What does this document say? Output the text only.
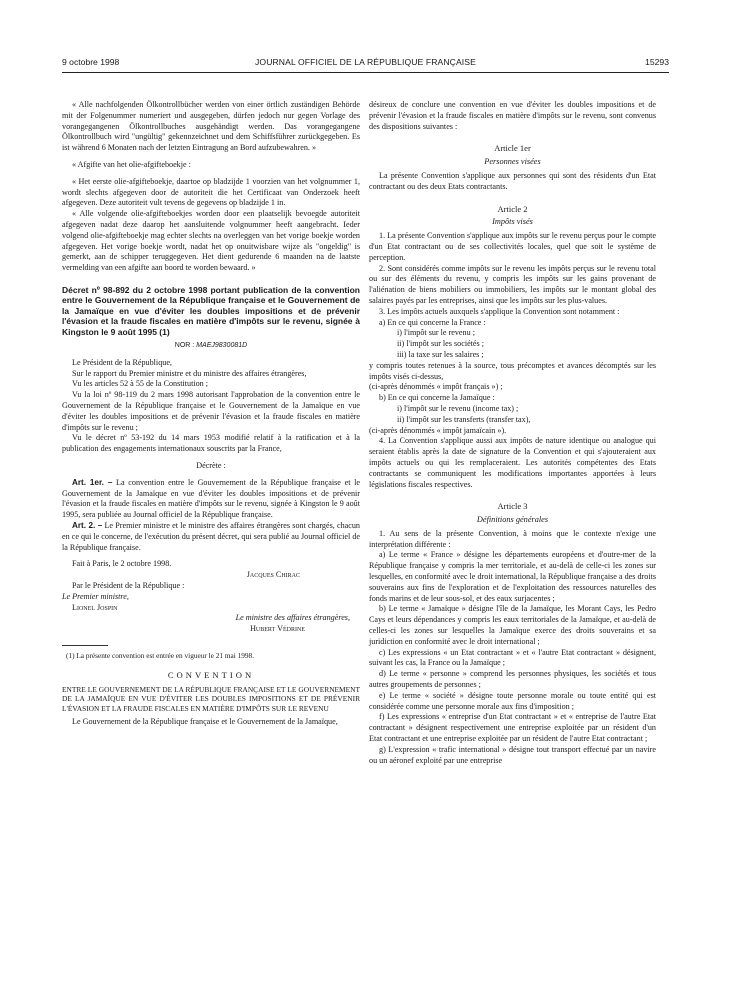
9 octobre 1998	JOURNAL OFFICIEL DE LA RÉPUBLIQUE FRANÇAISE	15293

« Alle nachfolgenden Ölkontrollbücher werden von einer örtlich zuständigen Behörde mit der Folgenummer numeriert und ausgegeben, dürfen jedoch nur gegen Vorlage des vorangegangenen Ölkontrollbuches ausgehändigt werden. Das vorangegangene Ölkontrollbuch wird "ungültig" gekennzeichnet und dem Schiffsführer zurückgegeben. Es ist während 6 Monaten nach der letzten Eintragung an Bord aufzubewahren. »

« Afgifte van het olie-afgifteboekje :

« Het eerste olie-afgifteboekje, daartoe op bladzijde 1 voorzien van het volgnummer 1, wordt slechts afgegeven door de autoriteit die het Certificaat van Onderzoek heeft afgegeven. Deze autoriteit vult tevens de gegevens op bladzijde 1 in.

« Alle volgende olie-afgifteboekjes worden door een plaatselijk bevoegde autoriteit afgegeven nadat deze daarop het aansluitende volgnummer heeft aangebracht. Ieder volgend olie-afgifteboekje mag echter slechts na overleggen van het vorige boekje worden afgegeven. Het vorige boekje wordt, nadat het op onuitwisbare wijze als "ongeldig" is gemerkt, aan de schipper teruggegeven. Het dient gedurende 6 maanden na de laatste vermelding van een afgifte aan boord te worden bewaard. »

Décret nº 98-892 du 2 octobre 1998 portant publication de la convention entre le Gouvernement de la République française et le Gouvernement de la Jamaïque en vue d'éviter les doubles impositions et de prévenir l'évasion et la fraude fiscales en matière d'impôts sur le revenu, signée à Kingston le 9 août 1995 (1)

NOR : MAEJ9830081D

Le Président de la République,

Sur le rapport du Premier ministre et du ministre des affaires étrangères,

Vu les articles 52 à 55 de la Constitution ;

Vu la loi nº 98-119 du 2 mars 1998 autorisant l'approbation de la convention entre le Gouvernement de la République française et le Gouvernement de la Jamaïque en vue d'éviter les doubles impositions et de prévenir l'évasion et la fraude fiscales en matière d'impôts sur le revenu ;

Vu le décret nº 53-192 du 14 mars 1953 modifié relatif à la ratification et à la publication des engagements internationaux souscrits par la France,

Décrète :

Art. 1er. – La convention entre le Gouvernement de la République française et le Gouvernement de la Jamaïque en vue d'éviter les doubles impositions et de prévenir l'évasion et la fraude fiscales en matière d'impôts sur le revenu, signée à Kingston le 9 août 1995, sera publiée au Journal officiel de la République française.

Art. 2. – Le Premier ministre et le ministre des affaires étrangères sont chargés, chacun en ce qui le concerne, de l'exécution du présent décret, qui sera publié au Journal officiel de la République française.

Fait à Paris, le 2 octobre 1998.

Jacques Chirac

Par le Président de la République :

Le Premier ministre,

Lionel Jospin

Le ministre des affaires étrangères,

Hubert Védrine

(1) La présente convention est entrée en vigueur le 21 mai 1998.

CONVENTION

ENTRE LE GOUVERNEMENT DE LA RÉPUBLIQUE FRANÇAISE ET LE GOUVERNEMENT DE LA JAMAÏQUE EN VUE D'ÉVITER LES DOUBLES IMPOSITIONS ET DE PRÉVENIR L'ÉVASION ET LA FRAUDE FISCALES EN MATIÈRE D'IMPÔTS SUR LE REVENU

Le Gouvernement de la République française et le Gouvernement de la Jamaïque,

désireux de conclure une convention en vue d'éviter les doubles impositions et de prévenir l'évasion et la fraude fiscales en matière d'impôts sur le revenu, sont convenus des dispositions suivantes :

Article 1er

Personnes visées

La présente Convention s'applique aux personnes qui sont des résidents d'un Etat contractant ou des deux Etats contractants.

Article 2

Impôts visés

1. La présente Convention s'applique aux impôts sur le revenu perçus pour le compte d'un Etat contractant ou de ses collectivités locales, quel que soit le système de perception.

2. Sont considérés comme impôts sur le revenu les impôts perçus sur le revenu total ou sur des éléments du revenu, y compris les impôts sur les gains provenant de l'aliénation de biens mobiliers ou immobiliers, les impôts sur le montant global des salaires payés par les entreprises, ainsi que les impôts sur les plus-values.

3. Les impôts actuels auxquels s'applique la Convention sont notamment :

a) En ce qui concerne la France :

i) l'impôt sur le revenu ;

ii) l'impôt sur les sociétés ;

iii) la taxe sur les salaires ;

y compris toutes retenues à la source, tous précomptes et avances décomptés sur les impôts visés ci-dessus,

(ci-après dénommés « impôt français ») ;

b) En ce qui concerne la Jamaïque :

i) l'impôt sur le revenu (income tax) ;

ii) l'impôt sur les transferts (transfer tax),

(ci-après dénommés « impôt jamaïcain »).

4. La Convention s'applique aussi aux impôts de nature identique ou analogue qui seraient établis après la date de signature de la Convention et qui s'ajouteraient aux impôts actuels ou qui les remplaceraient. Les autorités compétentes des Etats contractants se communiquent les modifications importantes apportées à leurs législations fiscales respectives.

Article 3

Définitions générales

1. Au sens de la présente Convention, à moins que le contexte n'exige une interprétation différente :

a) Le terme « France » désigne les départements européens et d'outre-mer de la République française y compris la mer territoriale, et au-delà de celle-ci les zones sur lesquelles, en conformité avec le droit international, la République française a des droits souverains aux fins de l'exploration et de l'exploitation des ressources naturelles des fonds marins et de leur sous-sol, et des eaux surjacentes ;

b) Le terme « Jamaïque » désigne l'île de la Jamaïque, les Morant Cays, les Pedro Cays et leurs dépendances y compris les eaux territoriales de la Jamaïque, et au-delà de celles-ci les zones sur lesquelles la Jamaïque exerce des droits souverains et sa juridiction en conformité avec le droit international ;

c) Les expressions « un Etat contractant » et « l'autre Etat contractant » désignent, suivant les cas, la France ou la Jamaïque ;

d) Le terme « personne » comprend les personnes physiques, les sociétés et tous autres groupements de personnes ;

e) Le terme « société » désigne toute personne morale ou toute entité qui est considérée comme une personne morale aux fins d'imposition ;

f) Les expressions « entreprise d'un Etat contractant » et « entreprise de l'autre Etat contractant » désignent respectivement une entreprise exploitée par un résident d'un Etat contractant et une entreprise exploitée par un résident de l'autre Etat contractant ;

g) L'expression « trafic international » désigne tout transport effectué par un navire ou un aéronef exploité par une entreprise
